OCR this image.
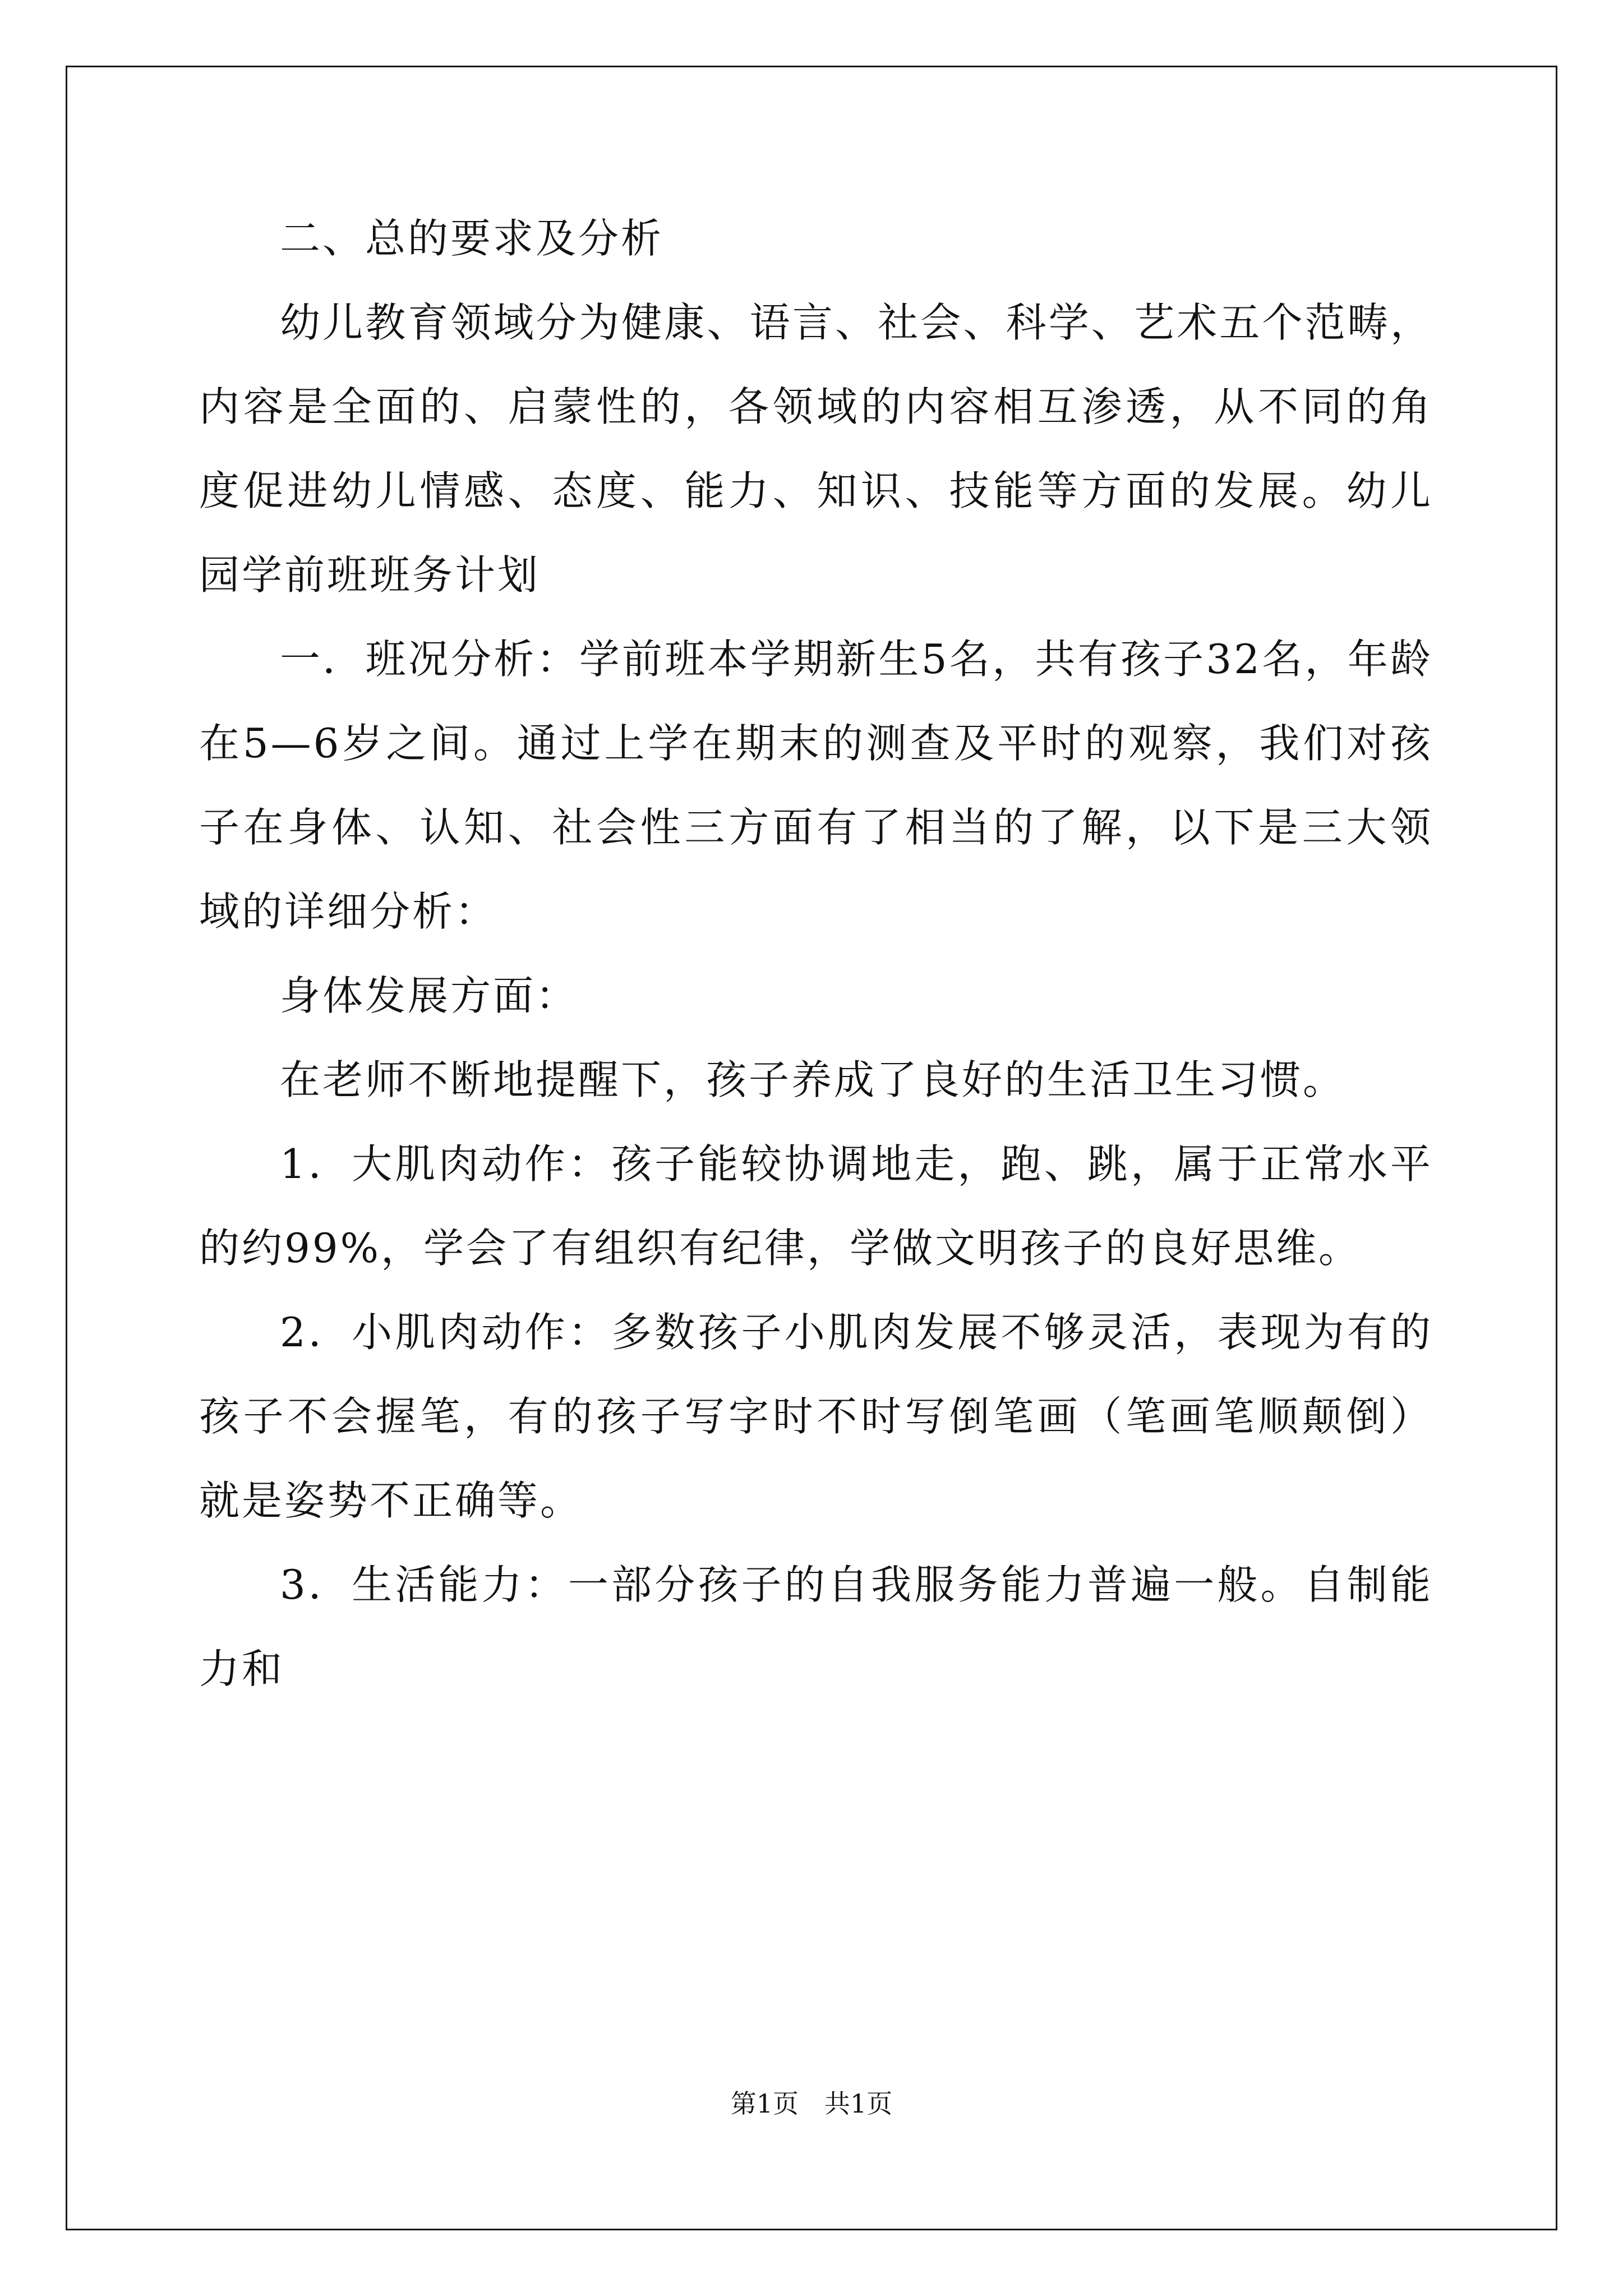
二、总的要求及分析

幼儿教育领域分为健康、语言、社会、科学、艺术五个范畴，内容是全面的、启蒙性的，各领域的内容相互渗透，从不同的角度促进幼儿情感、态度、能力、知识、技能等方面的发展。幼儿园学前班班务计划

一．班况分析：学前班本学期新生5名，共有孩子32名，年龄在5—6岁之间。通过上学在期末的测查及平时的观察，我们对孩子在身体、认知、社会性三方面有了相当的了解，以下是三大领域的详细分析：

身体发展方面：

在老师不断地提醒下，孩子养成了良好的生活卫生习惯。

1．大肌肉动作：孩子能较协调地走，跑、跳，属于正常水平的约99%，学会了有组织有纪律，学做文明孩子的良好思维。

2．小肌肉动作：多数孩子小肌肉发展不够灵活，表现为有的孩子不会握笔，有的孩子写字时不时写倒笔画（笔画笔顺颠倒）就是姿势不正确等。

3．生活能力：一部分孩子的自我服务能力普遍一般。自制能力和

第1页 共1页
